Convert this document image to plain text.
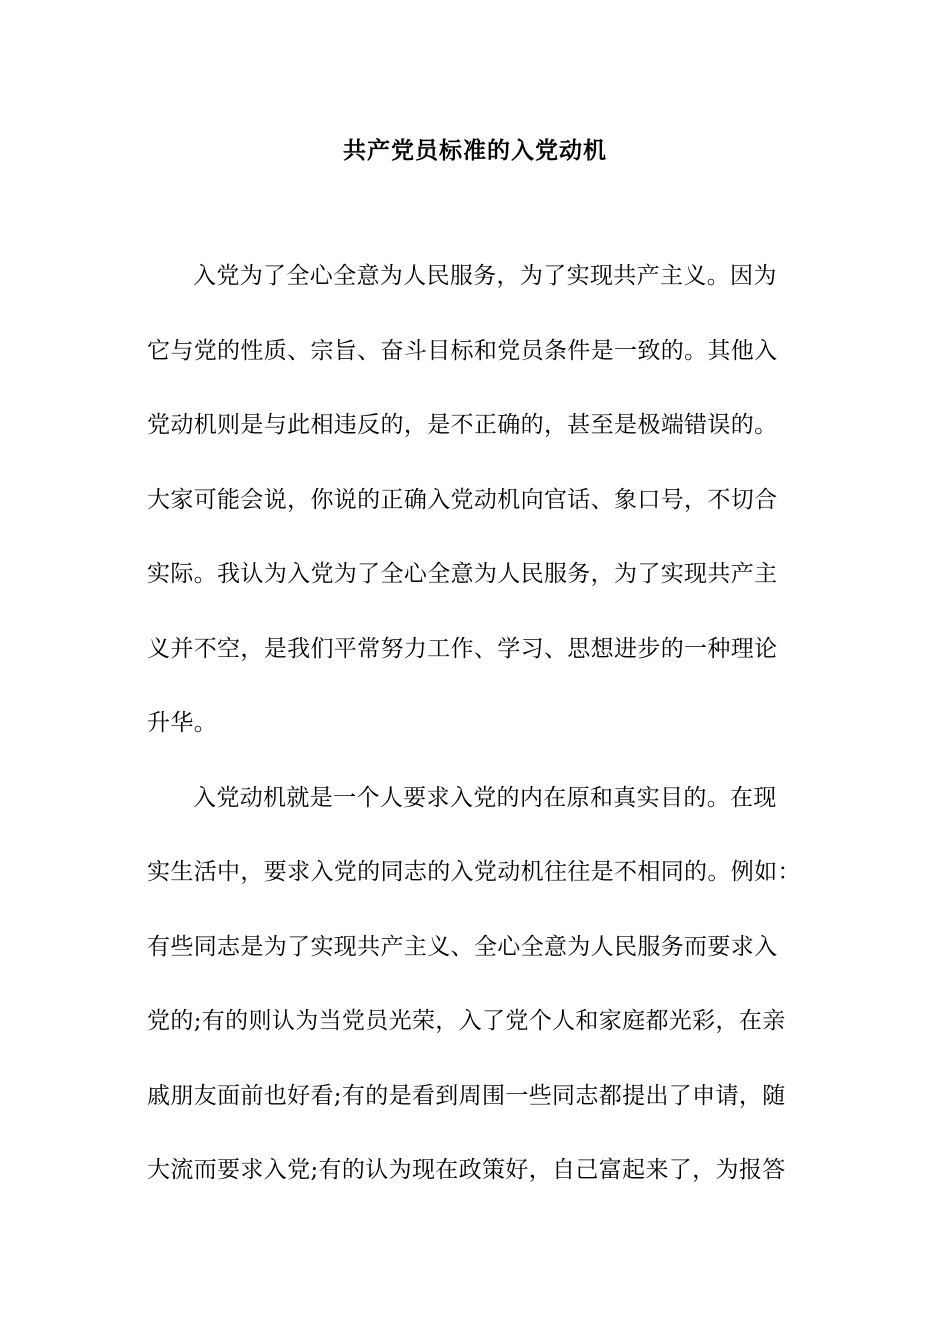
共产党员标准的入党动机
入党为了全心全意为人民服务，为了实现共产主义。因为
它与党的性质、宗旨、奋斗目标和党员条件是一致的。其他入
党动机则是与此相违反的，是不正确的，甚至是极端错误的。
大家可能会说，你说的正确入党动机向官话、象口号，不切合
实际。我认为入党为了全心全意为人民服务，为了实现共产主
义并不空，是我们平常努力工作、学习、思想进步的一种理论
升华。
入党动机就是一个人要求入党的内在原和真实目的。在现
实生活中，要求入党的同志的入党动机往往是不相同的。例如：
有些同志是为了实现共产主义、全心全意为人民服务而要求入
党的;有的则认为当党员光荣，入了党个人和家庭都光彩，在亲
戚朋友面前也好看;有的是看到周围一些同志都提出了申请，随
大流而要求入党;有的认为现在政策好，自己富起来了，为报答
